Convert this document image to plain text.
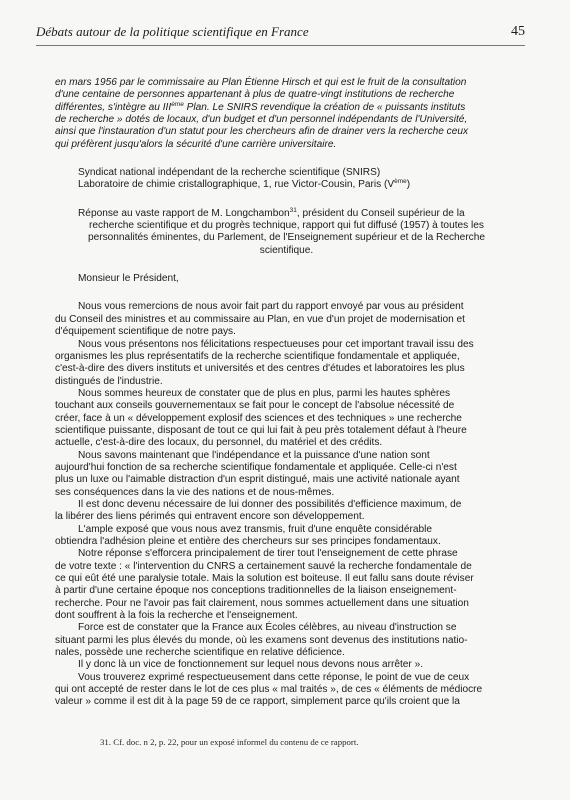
Débats autour de la politique scientifique en France	45
en mars 1956 par le commissaire au Plan Étienne Hirsch et qui est le fruit de la consultation
d'une centaine de personnes appartenant à plus de quatre-vingt institutions de recherche
différentes, s'intègre au IIIème Plan. Le SNIRS revendique la création de « puissants instituts
de recherche » dotés de locaux, d'un budget et d'un personnel indépendants de l'Université,
ainsi que l'instauration d'un statut pour les chercheurs afin de drainer vers la recherche ceux
qui préfèrent jusqu'alors la sécurité d'une carrière universitaire.
Syndicat national indépendant de la recherche scientifique (SNIRS)
Laboratoire de chimie cristallographique, 1, rue Victor-Cousin, Paris (Vème)
Réponse au vaste rapport de M. Longchambon$^{31}$, président du Conseil supérieur de la
recherche scientifique et du progrès technique, rapport qui fut diffusé (1957) à toutes les
personnalités éminentes, du Parlement, de l'Enseignement supérieur et de la Recherche
scientifique.
Monsieur le Président,

Nous vous remercions de nous avoir fait part du rapport envoyé par vous au président
du Conseil des ministres et au commissaire au Plan, en vue d'un projet de modernisation et
d'équipement scientifique de notre pays.

Nous vous présentons nos félicitations respectueuses pour cet important travail issu des
organismes les plus représentatifs de la recherche scientifique fondamentale et appliquée,
c'est-à-dire des divers instituts et universités et des centres d'études et laboratoires les plus
distingués de l'industrie.

Nous sommes heureux de constater que de plus en plus, parmi les hautes sphères
touchant aux conseils gouvernementaux se fait pour le concept de l'absolue nécessité de
créer, face à un « développement explosif des sciences et des techniques » une recherche
scientifique puissante, disposant de tout ce qui lui fait à peu près totalement défaut à l'heure
actuelle, c'est-à-dire des locaux, du personnel, du matériel et des crédits.

Nous savons maintenant que l'indépendance et la puissance d'une nation sont
aujourd'hui fonction de sa recherche scientifique fondamentale et appliquée. Celle-ci n'est
plus un luxe ou l'aimable distraction d'un esprit distingué, mais une activité nationale ayant
ses conséquences dans la vie des nations et de nous-mêmes.

Il est donc devenu nécessaire de lui donner des possibilités d'efficience maximum, de
la libérer des liens périmés qui entravent encore son développement.

L'ample exposé que vous nous avez transmis, fruit d'une enquête considérable
obtiendra l'adhésion pleine et entière des chercheurs sur ses principes fondamentaux.

Notre réponse s'efforcera principalement de tirer tout l'enseignement de cette phrase
de votre texte : « l'intervention du CNRS a certainement sauvé la recherche fondamentale de
ce qui eût été une paralysie totale. Mais la solution est boiteuse. Il eut fallu sans doute réviser
à partir d'une certaine époque nos conceptions traditionnelles de la liaison enseignement-
recherche. Pour ne l'avoir pas fait clairement, nous sommes actuellement dans une situation
dont souffrent à la fois la recherche et l'enseignement.

Force est de constater que la France aux Écoles célèbres, au niveau d'instruction se
situant parmi les plus élevés du monde, où les examens sont devenus des institutions natio-
nales, possède une recherche scientifique en relative déficience.

Il y donc là un vice de fonctionnement sur lequel nous devons nous arrêter ».

Vous trouverez exprimé respectueusement dans cette réponse, le point de vue de ceux
qui ont accepté de rester dans le lot de ces plus « mal traités », de ces « éléments de médiocre
valeur » comme il est dit à la page 59 de ce rapport, simplement parce qu'ils croient que la

31. Cf. doc. n 2, p. 22, pour un exposé informel du contenu de ce rapport.
